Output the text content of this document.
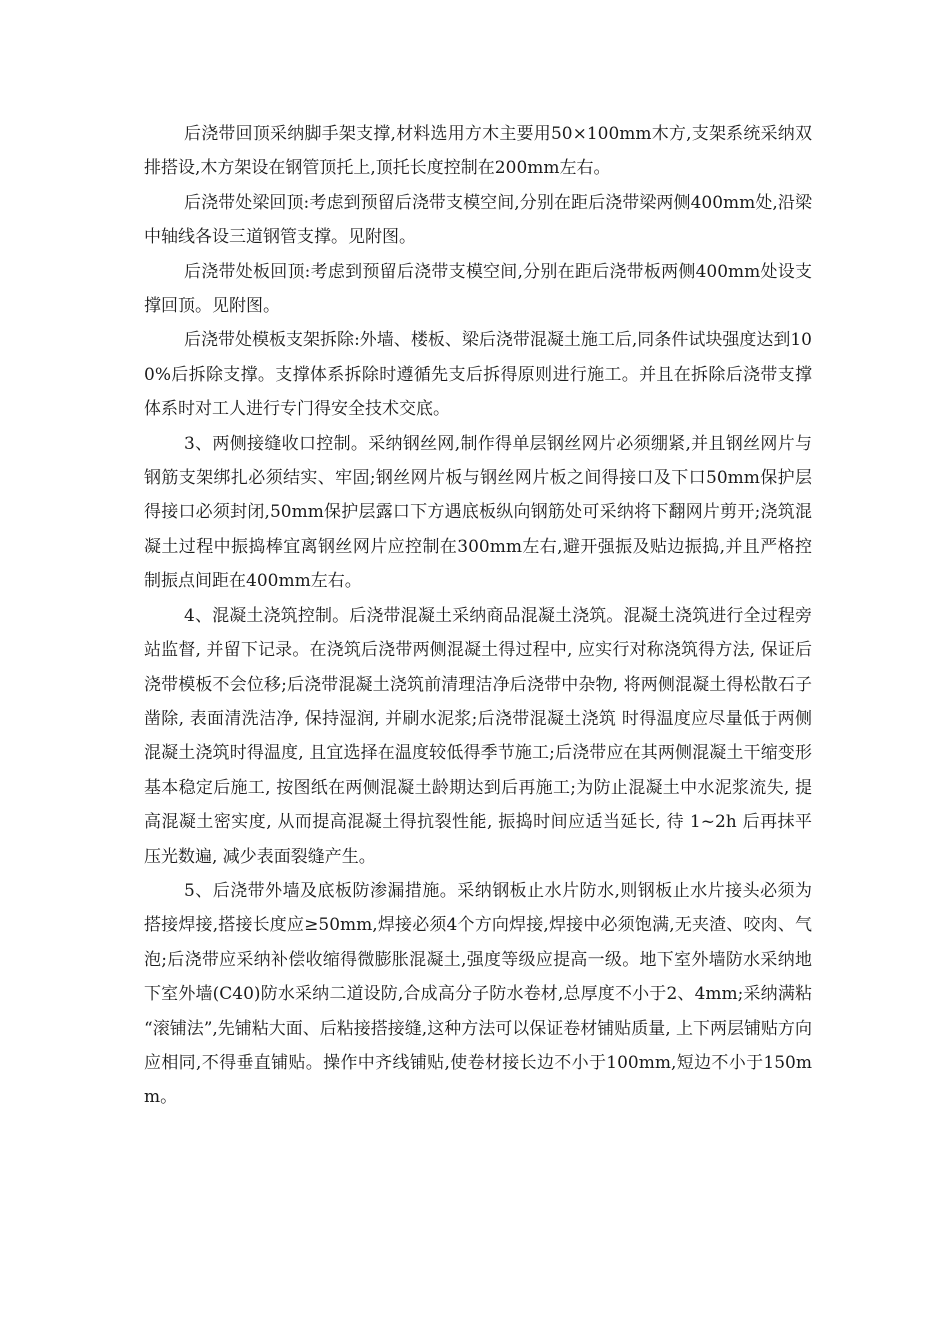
后浇带回顶采纳脚手架支撑,材料选用方木主要用50×100mm木方,支架系统采纳双排搭设,木方架设在钢管顶托上,顶托长度控制在200mm左右。

后浇带处梁回顶:考虑到预留后浇带支模空间,分别在距后浇带梁两侧400mm处,沿梁中轴线各设三道钢管支撑。见附图。

后浇带处板回顶:考虑到预留后浇带支模空间,分别在距后浇带板两侧400mm处设支撑回顶。见附图。

后浇带处模板支架拆除:外墙、楼板、梁后浇带混凝土施工后,同条件试块强度达到100%后拆除支撑。支撑体系拆除时遵循先支后拆得原则进行施工。并且在拆除后浇带支撑体系时对工人进行专门得安全技术交底。

3、两侧接缝收口控制。采纳钢丝网,制作得单层钢丝网片必须绷紧,并且钢丝网片与钢筋支架绑扎必须结实、牢固;钢丝网片板与钢丝网片板之间得接口及下口50mm保护层得接口必须封闭,50mm保护层露口下方遇底板纵向钢筋处可采纳将下翻网片剪开;浇筑混凝土过程中振捣棒宜离钢丝网片应控制在300mm左右,避开强振及贴边振捣,并且严格控制振点间距在400mm左右。

4、混凝土浇筑控制。后浇带混凝土采纳商品混凝土浇筑。混凝土浇筑进行全过程旁站监督, 并留下记录。在浇筑后浇带两侧混凝土得过程中, 应实行对称浇筑得方法, 保证后浇带模板不会位移;后浇带混凝土浇筑前清理洁净后浇带中杂物, 将两侧混凝土得松散石子凿除, 表面清洗洁净, 保持湿润, 并刷水泥浆;后浇带混凝土浇筑 时得温度应尽量低于两侧混凝土浇筑时得温度, 且宜选择在温度较低得季节施工;后浇带应在其两侧混凝土干缩变形基本稳定后施工, 按图纸在两侧混凝土龄期达到后再施工;为防止混凝土中水泥浆流失, 提高混凝土密实度, 从而提高混凝土得抗裂性能, 振捣时间应适当延长, 待 1~2h 后再抹平压光数遍, 减少表面裂缝产生。

5、后浇带外墙及底板防渗漏措施。采纳钢板止水片防水,则钢板止水片接头必须为搭接焊接,搭接长度应≥50mm,焊接必须4个方向焊接,焊接中必须饱满,无夹渣、咬肉、气泡;后浇带应采纳补偿收缩得微膨胀混凝土,强度等级应提高一级。地下室外墙防水采纳地下室外墙(C40)防水采纳二道设防,合成高分子防水卷材,总厚度不小于2、4mm;采纳满粘 “滚铺法”,先铺粘大面、后粘接搭接缝,这种方法可以保证卷材铺贴质量, 上下两层铺贴方向应相同,不得垂直铺贴。操作中齐线铺贴,使卷材接长边不小于100mm,短边不小于150mm。
